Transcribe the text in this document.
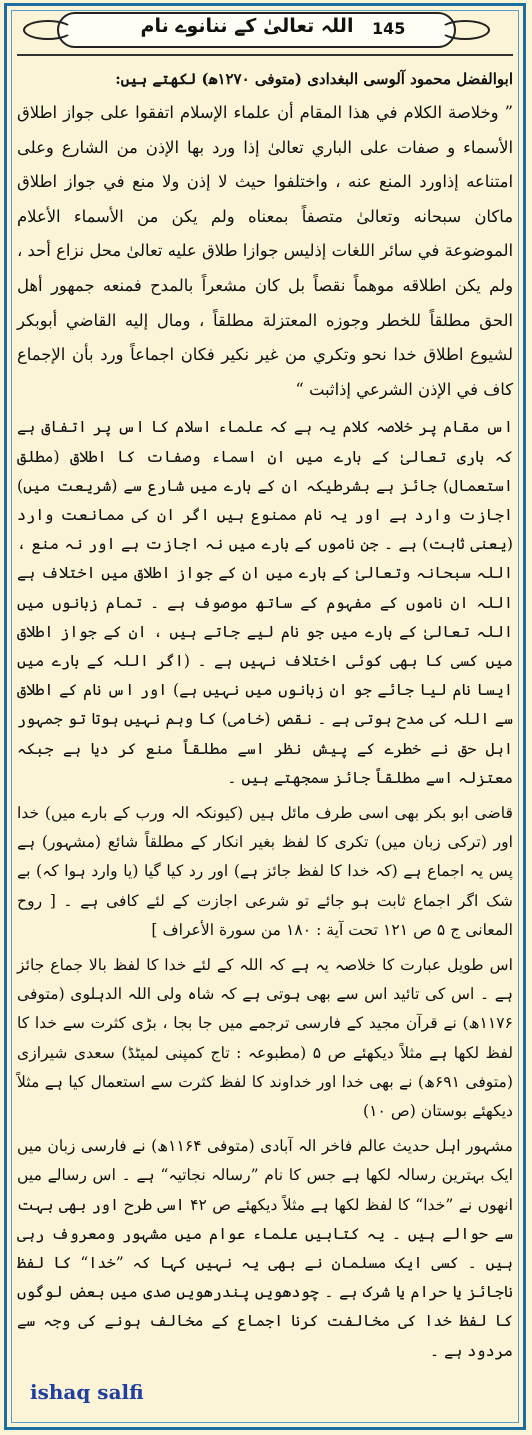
اللہ تعالیٰ کے ننانوے نام	145

ابوالفضل محمود آلوسی البغدادی (متوفی ۱۲۷۰ھ) لکھتے ہیں:

” وخلاصة الكلام في هذا المقام أن علماء الإسلام اتفقوا على جواز اطلاق الأسماء و صفات على الباري تعالىٰ إذا ورد بها الإذن من الشارع وعلى امتناعه إذاورد المنع عنه ، واختلفوا حيث لا إذن ولا منع في جواز اطلاق ماكان سبحانه وتعالىٰ متصفاً بمعناه ولم يكن من الأسماء الأعلام الموضوعة في سائر اللغات إذليس جوازا طلاق عليه تعالىٰ محل نزاع أحد ، ولم يكن اطلاقه موهماً نقصاً بل كان مشعراً بالمدح فمنعه جمهور أهل الحق مطلقاً للخطر وجوزه المعتزلة مطلقاً ، ومال إليه القاضي أبوبكر لشيوع اطلاق خدا نحو وتكري من غير نكير فكان اجماعاً ورد بأن الإجماع كاف في الإذن الشرعي إذاثبت “

اس مقام پر خلاصہ کلام یہ ہے کہ علماء اسلام کا اس پر اتفاق ہے کہ باری تعالیٰ کے بارے میں ان اسماء وصفات کا اطلاق (مطلق استعمال) جائز ہے بشرطیکہ ان کے بارے میں شارع سے (شریعت میں) اجازت وارد ہے اور یہ نام ممنوع ہیں اگر ان کی ممانعت وارد (یعنی ثابت) ہے ۔ جن ناموں کے بارے میں نہ اجازت ہے اور نہ منع ، اللہ سبحانہ وتعالیٰ کے بارے میں ان کے جواز اطلاق میں اختلاف ہے اللہ ان ناموں کے مفہوم کے ساتھ موصوف ہے ۔ تمام زبانوں میں اللہ تعالیٰ کے بارے میں جو نام لیے جاتے ہیں ، ان کے جواز اطلاق میں کسی کا بھی کوئی اختلاف نہیں ہے ۔ (اگر اللہ کے بارے میں ایسا نام لیا جائے جو ان زبانوں میں نہیں ہے) اور اس نام کے اطلاق سے اللہ کی مدح ہوتی ہے ۔ نقص (خامی) کا وہم نہیں ہوتا تو جمہور اہل حق نے خطرے کے پیش نظر اسے مطلقاً منع کر دیا ہے جبکہ معتزلہ اسے مطلقاً جائز سمجھتے ہیں ۔

قاضی ابو بکر بھی اسی طرف مائل ہیں (کیونکہ الہ ورب کے بارے میں) خدا اور (ترکی زبان میں) تکری کا لفظ بغیر انکار کے مطلقاً شائع (مشہور) ہے پس یہ اجماع ہے (کہ خدا کا لفظ جائز ہے) اور رد کیا گیا (یا وارد ہوا کہ) بے شک اگر اجماع ثابت ہو جائے تو شرعی اجازت کے لئے کافی ہے ۔ [ روح المعانی ج ۵ ص ۱۲۱ تحت آیة : ۱۸۰ من سورة الأعراف ]

اس طویل عبارت کا خلاصہ یہ ہے کہ اللہ کے لئے خدا کا لفظ بالا جماع جائز ہے ۔ اس کی تائید اس سے بھی ہوتی ہے کہ شاہ ولی اللہ الدہلوی (متوفی ۱۱۷۶ھ) نے قرآن مجید کے فارسی ترجمے میں جا بجا ، بڑی کثرت سے خدا کا لفظ لکھا ہے مثلاً دیکھئے ص ۵ (مطبوعہ : تاج کمپنی لمیٹڈ) سعدی شیرازی (متوفی ۶۹۱ھ) نے بھی خدا اور خداوند کا لفظ کثرت سے استعمال کیا ہے مثلاً دیکھئے بوستان (ص ۱۰)

مشہور اہل حدیث عالم فاخر الہ آبادی (متوفی ۱۱۶۴ھ) نے فارسی زبان میں ایک بہترین رسالہ لکھا ہے جس کا نام ”رسالہ نجاتیہ“ ہے ۔ اس رسالے میں انھوں نے ”خدا“ کا لفظ لکھا ہے مثلاً دیکھئے ص ۴۲ اسی طرح اور بھی بہت سے حوالے ہیں ۔ یہ کتابیں علماء عوام میں مشہور ومعروف رہی ہیں ۔ کسی ایک مسلمان نے بھی یہ نہیں کہا کہ ”خدا“ کا لفظ ناجائز یا حرام یا شرک ہے ۔ چودھویں پندرھویں صدی میں بعض لوگوں کا لفظ خدا کی مخالفت کرنا اجماع کے مخالف ہونے کی وجہ سے مردود ہے ۔

ishaq salfi
